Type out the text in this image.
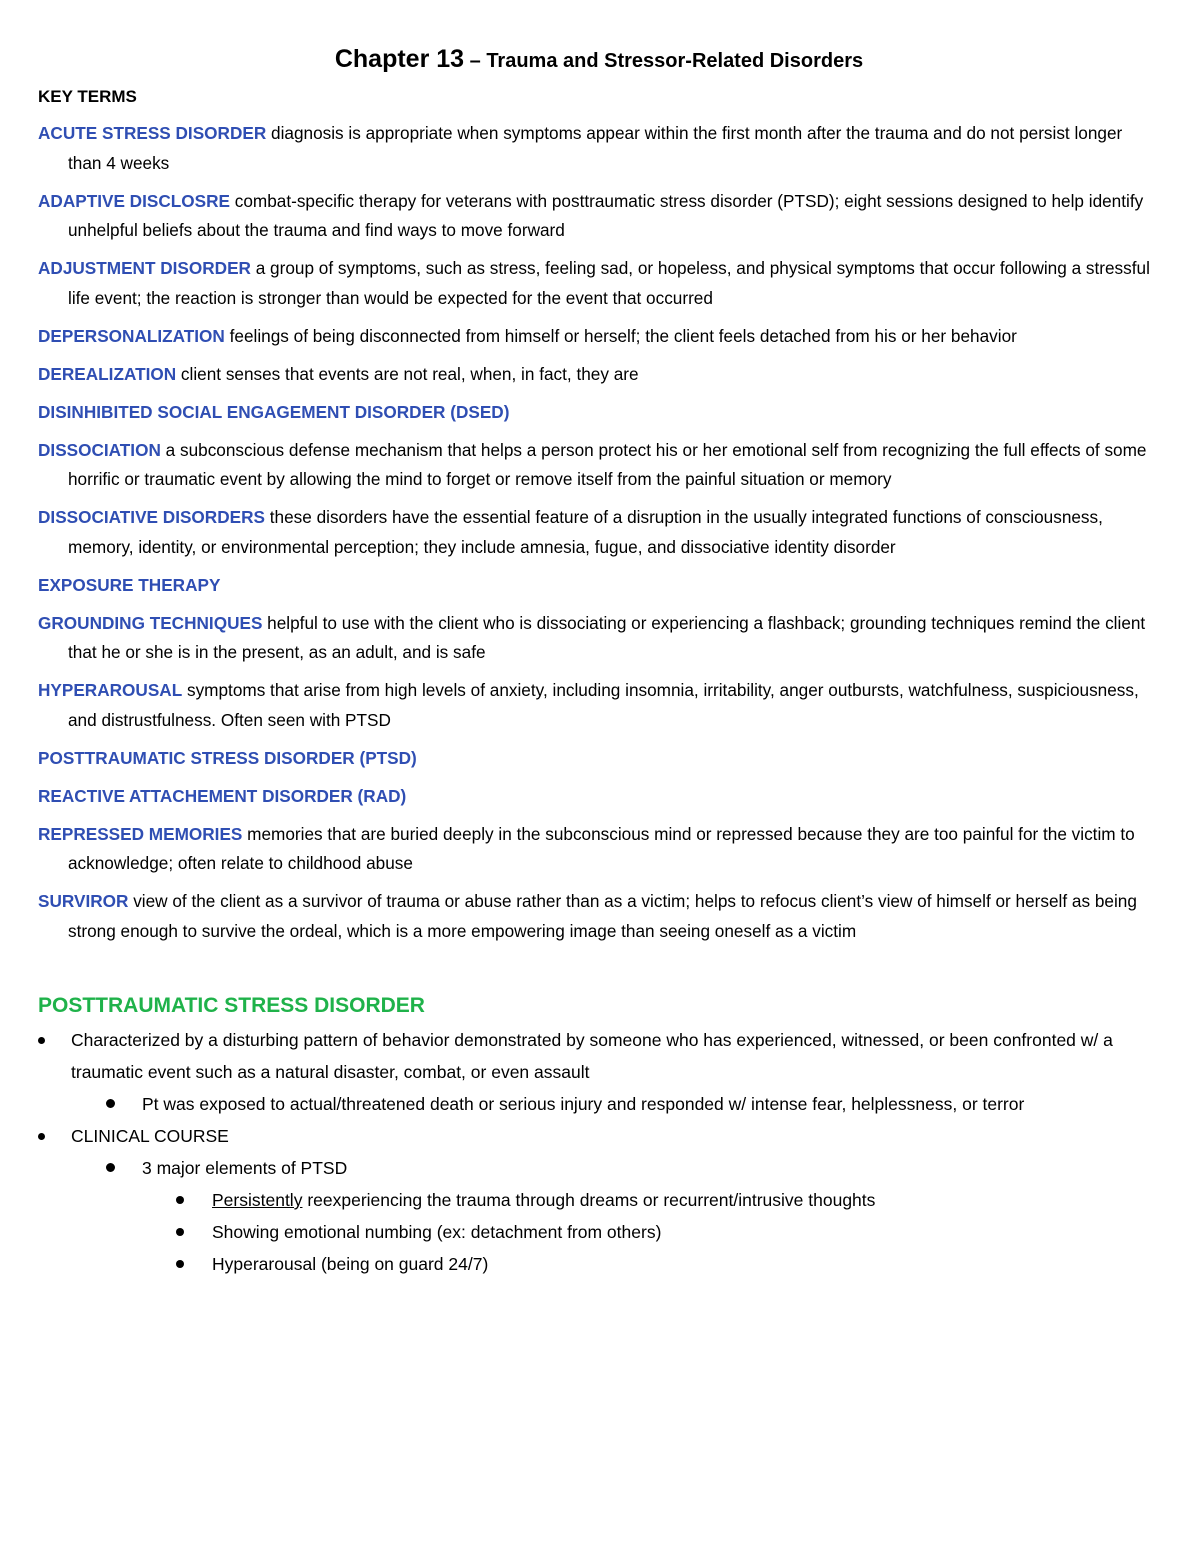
Chapter 13 – Trauma and Stressor-Related Disorders
KEY TERMS

ACUTE STRESS DISORDER diagnosis is appropriate when symptoms appear within the first month after the trauma and do not persist longer than 4 weeks

ADAPTIVE DISCLOSRE combat-specific therapy for veterans with posttraumatic stress disorder (PTSD); eight sessions designed to help identify unhelpful beliefs about the trauma and find ways to move forward

ADJUSTMENT DISORDER a group of symptoms, such as stress, feeling sad, or hopeless, and physical symptoms that occur following a stressful life event; the reaction is stronger than would be expected for the event that occurred

DEPERSONALIZATION feelings of being disconnected from himself or herself; the client feels detached from his or her behavior

DEREALIZATION client senses that events are not real, when, in fact, they are

DISINHIBITED SOCIAL ENGAGEMENT DISORDER (DSED)

DISSOCIATION a subconscious defense mechanism that helps a person protect his or her emotional self from recognizing the full effects of some horrific or traumatic event by allowing the mind to forget or remove itself from the painful situation or memory

DISSOCIATIVE DISORDERS these disorders have the essential feature of a disruption in the usually integrated functions of consciousness, memory, identity, or environmental perception; they include amnesia, fugue, and dissociative identity disorder

EXPOSURE THERAPY

GROUNDING TECHNIQUES helpful to use with the client who is dissociating or experiencing a flashback; grounding techniques remind the client that he or she is in the present, as an adult, and is safe

HYPERAROUSAL symptoms that arise from high levels of anxiety, including insomnia, irritability, anger outbursts, watchfulness, suspiciousness, and distrustfulness. Often seen with PTSD

POSTTRAUMATIC STRESS DISORDER (PTSD)

REACTIVE ATTACHEMENT DISORDER (RAD)

REPRESSED MEMORIES memories that are buried deeply in the subconscious mind or repressed because they are too painful for the victim to acknowledge; often relate to childhood abuse

SURVIROR view of the client as a survivor of trauma or abuse rather than as a victim; helps to refocus client’s view of himself or herself as being strong enough to survive the ordeal, which is a more empowering image than seeing oneself as a victim

POSTTRAUMATIC STRESS DISORDER
Characterized by a disturbing pattern of behavior demonstrated by someone who has experienced, witnessed, or been confronted w/ a traumatic event such as a natural disaster, combat, or even assault
Pt was exposed to actual/threatened death or serious injury and responded w/ intense fear, helplessness, or terror
CLINICAL COURSE
3 major elements of PTSD
Persistently reexperiencing the trauma through dreams or recurrent/intrusive thoughts
Showing emotional numbing (ex: detachment from others)
Hyperarousal (being on guard 24/7)
